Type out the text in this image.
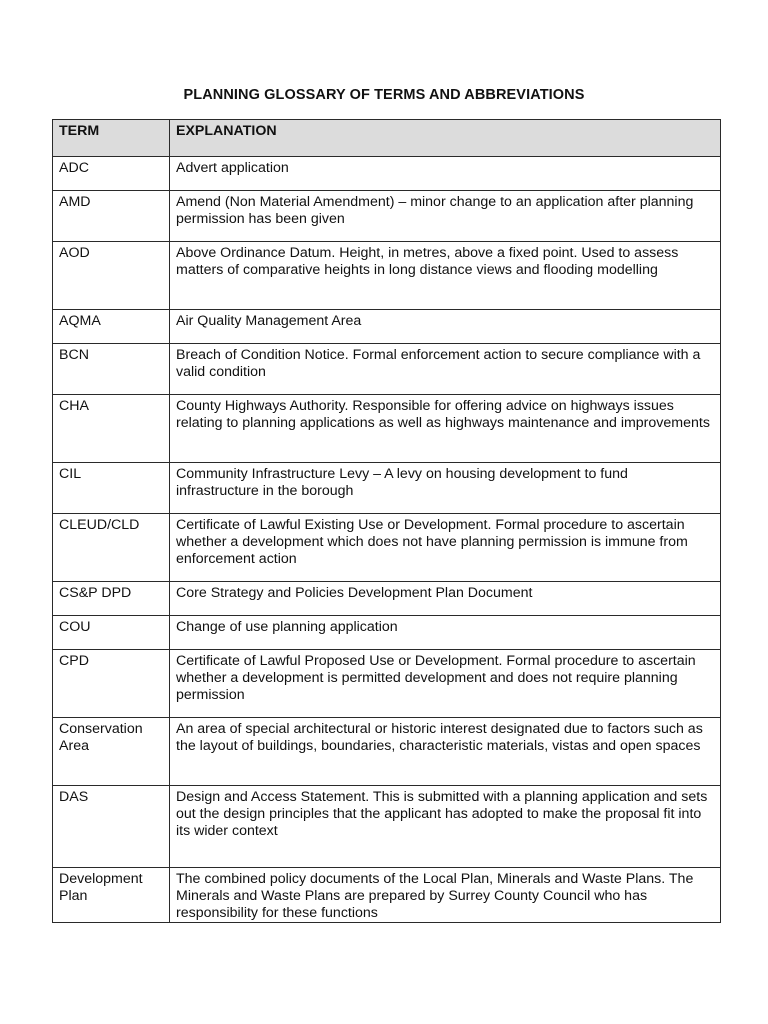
PLANNING GLOSSARY OF TERMS AND ABBREVIATIONS
TERM	EXPLANATION
ADC	Advert application
AMD	Amend (Non Material Amendment) – minor change to an application after planning permission has been given
AOD	Above Ordinance Datum. Height, in metres, above a fixed point. Used to assess matters of comparative heights in long distance views and flooding modelling
AQMA	Air Quality Management Area
BCN	Breach of Condition Notice. Formal enforcement action to secure compliance with a valid condition
CHA	County Highways Authority. Responsible for offering advice on highways issues relating to planning applications as well as highways maintenance and improvements
CIL	Community Infrastructure Levy – A levy on housing development to fund infrastructure in the borough
CLEUD/CLD	Certificate of Lawful Existing Use or Development. Formal procedure to ascertain whether a development which does not have planning permission is immune from enforcement action
CS&P DPD	Core Strategy and Policies Development Plan Document
COU	Change of use planning application
CPD	Certificate of Lawful Proposed Use or Development. Formal procedure to ascertain whether a development is permitted development and does not require planning permission
Conservation Area	An area of special architectural or historic interest designated due to factors such as the layout of buildings, boundaries, characteristic materials, vistas and open spaces
DAS	Design and Access Statement. This is submitted with a planning application and sets out the design principles that the applicant has adopted to make the proposal fit into its wider context
Development Plan	The combined policy documents of the Local Plan, Minerals and Waste Plans. The Minerals and Waste Plans are prepared by Surrey County Council who has responsibility for these functions
